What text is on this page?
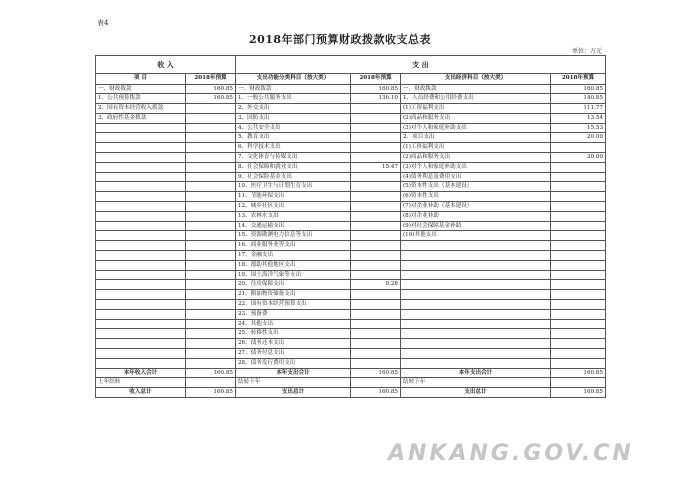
表4
2018年部门预算财政拨款收支总表
单位：万元
收 入		支 出			
项 目	2018年预算	支出功能分类科目（按大类）	2018年预算	支出经济科目（按大类）	2018年预算
一、财政拨款	160.85	一、财政拨款	160.85	一、财政拨款	160.85
1、公共预算拨款	160.85	1、一般公共服务支出	136.10	1、人员经费和公用经费支出	140.85
2、国有资本经营收入拨款		2、外交支出		(1)工资福利支出	111.77
3、政府性基金拨款		3、国防支出		(2)商品和服务支出	13.54
		4、公共安全支出		(3)对个人和家庭补助支出	15.53
		5、教育支出		2、项目支出	20.00
		6、科学技术支出		(1)工资福利支出	
		7、文化体育与传媒支出		(2)商品和服务支出	20.00
		8、社会保障和就业支出	15.47	(3)对个人和家庭补助支出	
		9、社会保险基金支出		(4)债务利息及费用支出	
		10、医疗卫生与计划生育支出		(5)资本性支出（基本建设）	
		11、节能环保支出		(6)资本性支出	
		12、城乡社区支出		(7)对企业补助（基本建设）	
		13、农林水支出		(8)对企业补助	
		14、交通运输支出		(9)对社会保障基金补助	
		15、资源勘测电力信息等支出		(10)其他支出	
		16、商业服务业等支出			
		17、金融支出			
		18、援助其他地区支出			
		19、国土海洋气象等支出			
		20、住房保障支出	9.28		
		21、粮油物资储备支出			
		22、国有资本经营预算支出			
		23、预备费			
		24、其他支出			
		25、转移性支出			
		26、债务还本支出			
		27、债务付息支出			
		28、债务发行费用支出			
本年收入合计	160.85	本年支出合计	160.85	本年支出合计	160.85
上年结转		结转下年		结转下年	
收入总计	160.85	支出总计	160.85	支出总计	160.85
ANKANG.GOV.CN
